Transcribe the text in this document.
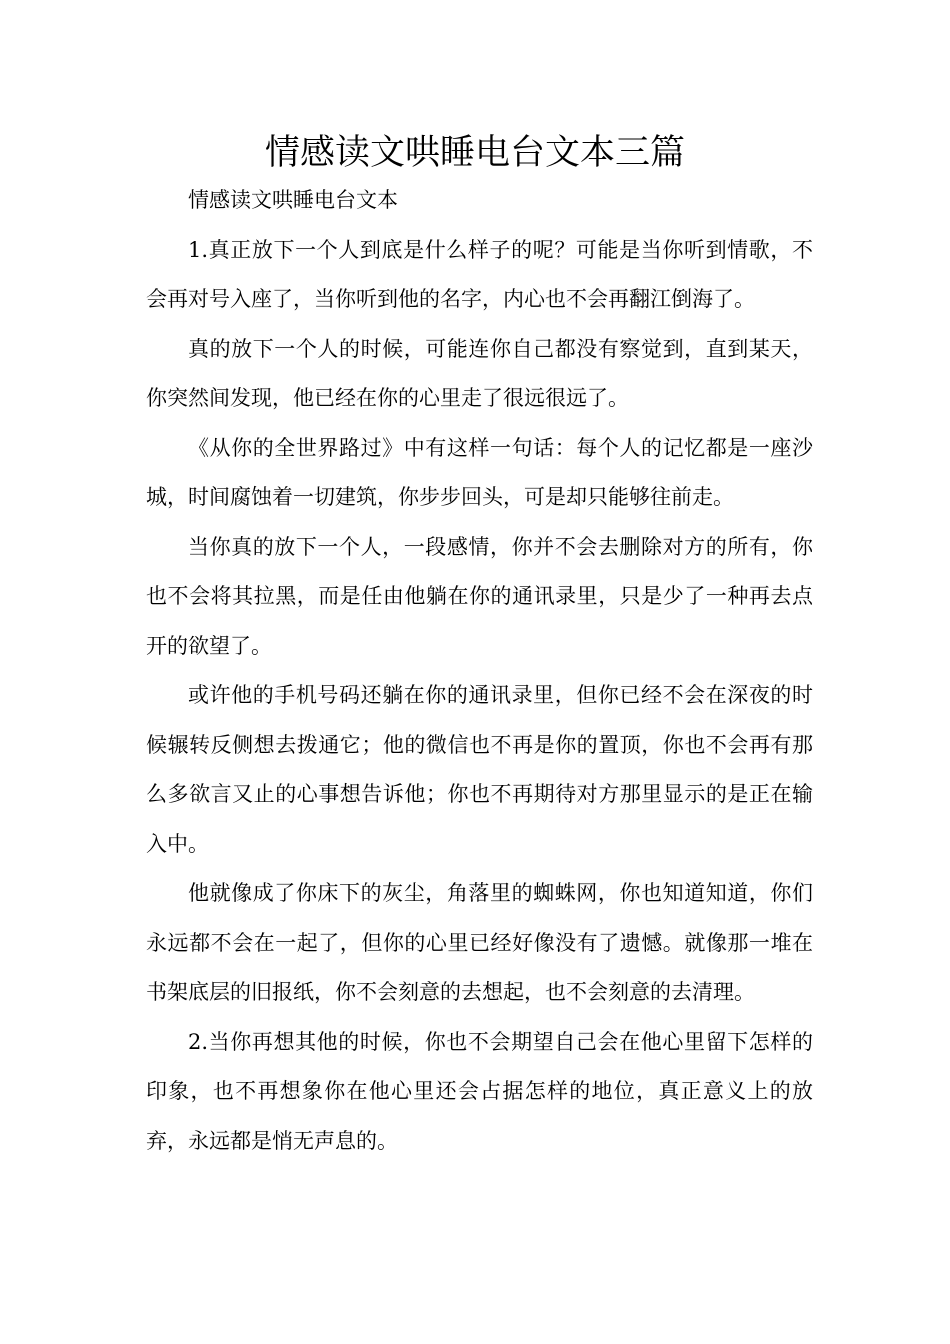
情感读文哄睡电台文本三篇

情感读文哄睡电台文本

1.真正放下一个人到底是什么样子的呢？可能是当你听到情歌，不会再对号入座了，当你听到他的名字，内心也不会再翻江倒海了。

真的放下一个人的时候，可能连你自己都没有察觉到，直到某天，你突然间发现，他已经在你的心里走了很远很远了。

《从你的全世界路过》中有这样一句话：每个人的记忆都是一座沙城，时间腐蚀着一切建筑，你步步回头，可是却只能够往前走。

当你真的放下一个人，一段感情，你并不会去删除对方的所有，你也不会将其拉黑，而是任由他躺在你的通讯录里，只是少了一种再去点开的欲望了。

或许他的手机号码还躺在你的通讯录里，但你已经不会在深夜的时候辗转反侧想去拨通它；他的微信也不再是你的置顶，你也不会再有那么多欲言又止的心事想告诉他；你也不再期待对方那里显示的是正在输入中。

他就像成了你床下的灰尘，角落里的蜘蛛网，你也知道知道，你们永远都不会在一起了，但你的心里已经好像没有了遗憾。就像那一堆在书架底层的旧报纸，你不会刻意的去想起，也不会刻意的去清理。

2.当你再想其他的时候，你也不会期望自己会在他心里留下怎样的印象，也不再想象你在他心里还会占据怎样的地位，真正意义上的放弃，永远都是悄无声息的。
